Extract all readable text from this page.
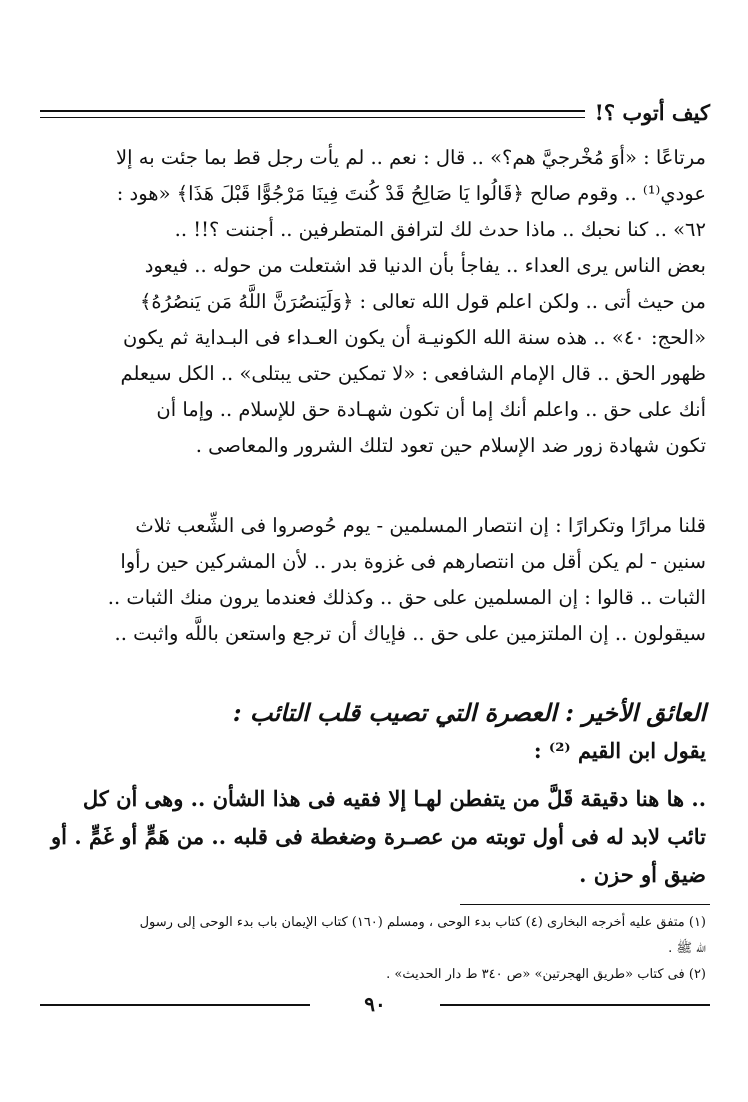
كيف أتوب ؟!
مرتاعًا : «أوَ مُخْرجيَّ هم؟» .. قال : نعم .. لم يأت رجل قط بما جئت به إلا
عودي⁽¹⁾ .. وقوم صالح ﴿قَالُوا يَا صَالِحُ قَدْ كُنتَ فِينَا مَرْجُوًّا قَبْلَ هَذَا﴾ «هود :
٦٢» .. كنا نحبك .. ماذا حدث لك لترافق المتطرفين .. أجننت ؟!! ..
بعض الناس يرى العداء .. يفاجأ بأن الدنيا قد اشتعلت من حوله .. فيعود
من حيث أتى .. ولكن اعلم قول الله تعالى : ﴿وَلَيَنصُرَنَّ اللَّهُ مَن يَنصُرُهُ﴾
«الحج: ٤٠» .. هذه سنة الله الكونيـة أن يكون العـداء فى البـداية ثم يكون
ظهور الحق .. قال الإمام الشافعى : «لا تمكين حتى يبتلى» .. الكل سيعلم
أنك على حق .. واعلم أنك إما أن تكون شهـادة حق للإسلام .. وإما أن
تكون شهادة زور ضد الإسلام حين تعود لتلك الشرور والمعاصى .
قلنا مرارًا وتكرارًا : إن انتصار المسلمين - يوم حُوصروا فى الشِّعب ثلاث
سنين - لم يكن أقل من انتصارهم فى غزوة بدر .. لأن المشركين حين رأوا
الثبات .. قالوا : إن المسلمين على حق .. وكذلك فعندما يرون منك الثبات ..
سيقولون .. إن الملتزمين على حق .. فإياك أن ترجع واستعن باللَّه واثبت ..
العائق الأخير : العصرة التي تصيب قلب التائب :
يقول ابن القيم ⁽²⁾ :
.. ها هنا دقيقة قَلَّ من يتفطن لهـا إلا فقيه فى هذا الشأن .. وهى أن كل
تائب لابد له فى أول توبته من عصـرة وضغطة فى قلبه .. من هَمٍّ أو غَمٍّ . أو
ضيق أو حزن .
(١) متفق عليه أخرجه البخارى (٤) كتاب بدء الوحى ، ومسلم (١٦٠) كتاب الإيمان باب بدء الوحى إلى رسول
الله ﷺ .
(٢) فى كتاب «طريق الهجرتين» «ص ٣٤٠ ط دار الحديث» .
٩٠
